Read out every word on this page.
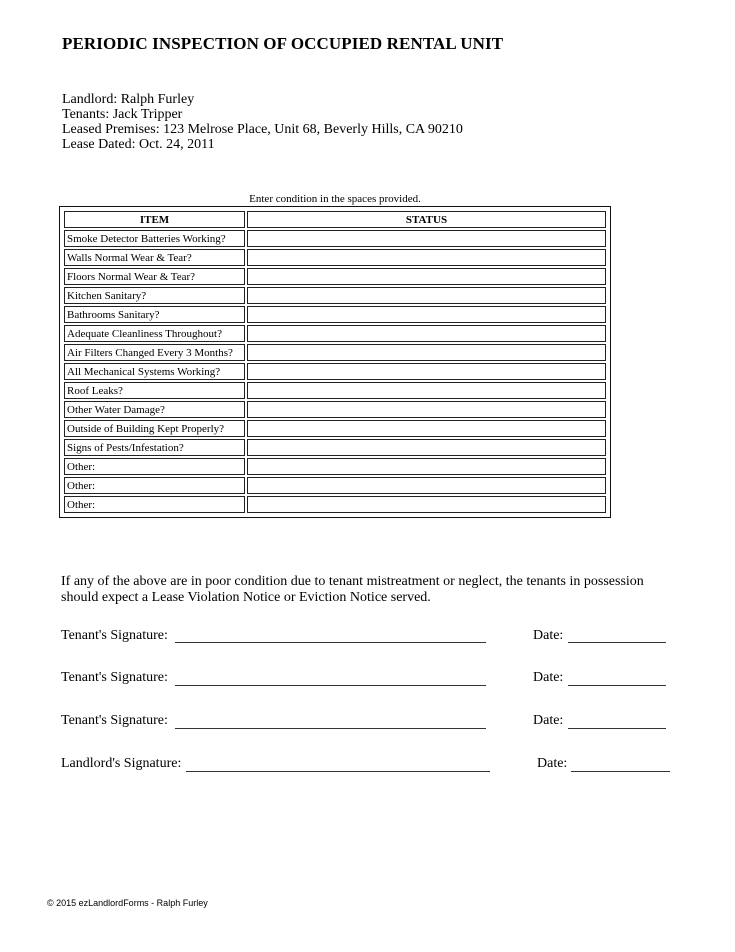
PERIODIC INSPECTION OF OCCUPIED RENTAL UNIT
Landlord: Ralph Furley
Tenants: Jack Tripper
Leased Premises: 123 Melrose Place, Unit 68, Beverly Hills, CA 90210
Lease Dated: Oct. 24, 2011
Enter condition in the spaces provided.
ITEM	STATUS
Smoke Detector Batteries Working?	
Walls Normal Wear & Tear?	
Floors Normal Wear & Tear?	
Kitchen Sanitary?	
Bathrooms Sanitary?	
Adequate Cleanliness Throughout?	
Air Filters Changed Every 3 Months?	
All Mechanical Systems Working?	
Roof Leaks?	
Other Water Damage?	
Outside of Building Kept Properly?	
Signs of Pests/Infestation?	
Other:	
Other:	
Other:	
If any of the above are in poor condition due to tenant mistreatment or neglect, the tenants in possession should expect a Lease Violation Notice or Eviction Notice served.
Tenant's Signature:	Date:
Tenant's Signature:	Date:
Tenant's Signature:	Date:
Landlord's Signature:	Date:
© 2015 ezLandlordForms - Ralph Furley
